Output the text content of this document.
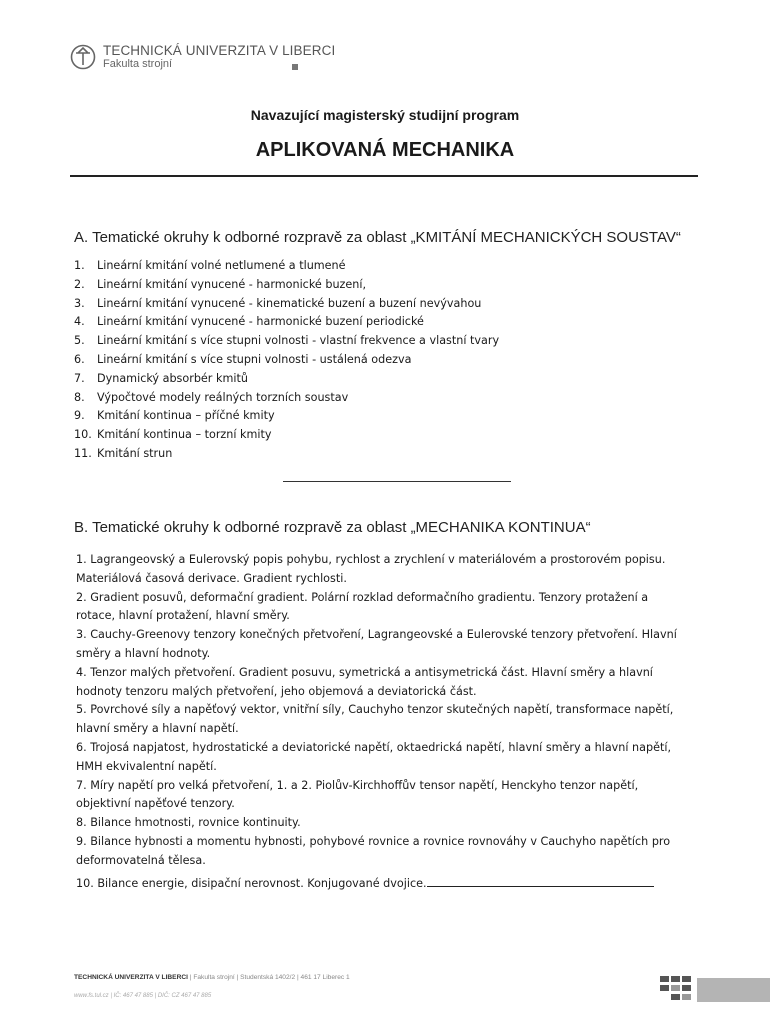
TECHNICKÁ UNIVERZITA V LIBERCI
Fakulta strojní
Navazující magisterský studijní program
APLIKOVANÁ MECHANIKA
A. Tematické okruhy k odborné rozpravě za oblast „KMITÁNÍ MECHANICKÝCH SOUSTAV“
1.	Lineární kmitání volné netlumené a tlumené
2.	Lineární kmitání vynucené - harmonické buzení,
3.	Lineární kmitání vynucené - kinematické buzení a buzení nevývahou
4.	Lineární kmitání vynucené - harmonické buzení periodické
5.	Lineární kmitání s více stupni volnosti - vlastní frekvence a vlastní tvary
6.	Lineární kmitání s více stupni volnosti - ustálená odezva
7.	Dynamický absorbér kmitů
8.	Výpočtové modely reálných torzních soustav
9.	Kmitání kontinua – příčné kmity
10. Kmitání kontinua – torzní kmity
11. Kmitání strun
B. Tematické okruhy k odborné rozpravě za oblast „MECHANIKA KONTINUA“
1. Lagrangeovský a Eulerovský popis pohybu, rychlost a zrychlení v materiálovém a prostorovém popisu.
Materiálová časová derivace. Gradient rychlosti.
2. Gradient posuvů, deformační gradient. Polární rozklad deformačního gradientu. Tenzory protažení a
rotace, hlavní protažení, hlavní směry.
3. Cauchy-Greenovy tenzory konečných přetvoření, Lagrangeovské a Eulerovské tenzory přetvoření. Hlavní
směry a hlavní hodnoty.
4. Tenzor malých přetvoření. Gradient posuvu, symetrická a antisymetrická část. Hlavní směry a hlavní
hodnoty tenzoru malých přetvoření, jeho objemová a deviatorická část.
5. Povrchové síly a napěťový vektor, vnitřní síly, Cauchyho tenzor skutečných napětí, transformace napětí,
hlavní směry a hlavní napětí.
6. Trojosá napjatost, hydrostatické a deviatorické napětí, oktaedrická napětí, hlavní směry a hlavní napětí,
HMH ekvivalentní napětí.
7. Míry napětí pro velká přetvoření, 1. a 2. Piolův-Kirchhoffův tensor napětí, Henckyho tenzor napětí,
objektivní napěťové tenzory.
8. Bilance hmotnosti, rovnice kontinuity.
9. Bilance hybnosti a momentu hybnosti, pohybové rovnice a rovnice rovnováhy v Cauchyho napětích pro
deformovatelná tělesa.
10. Bilance energie, disipační nerovnost. Konjugované dvojice.
TECHNICKÁ UNIVERZITA V LIBERCI | Fakulta strojní | Studentská 1402/2 | 461 17 Liberec 1
www.fs.tul.cz | IČ: 467 47 885 | DIČ: CZ 467 47 885
